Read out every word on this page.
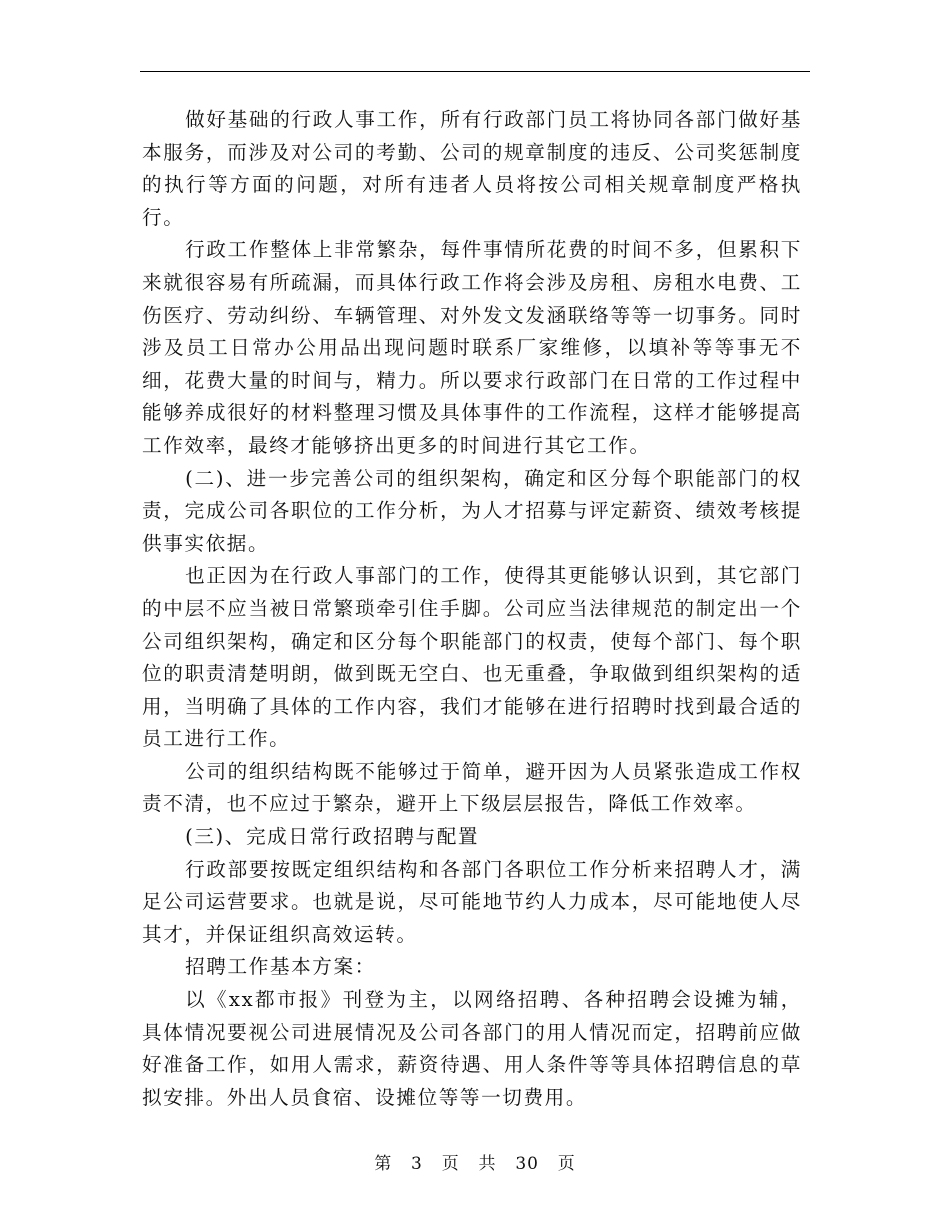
做好基础的行政人事工作，所有行政部门员工将协同各部门做好基本服务，而涉及对公司的考勤、公司的规章制度的违反、公司奖惩制度的执行等方面的问题，对所有违者人员将按公司相关规章制度严格执行。

行政工作整体上非常繁杂，每件事情所花费的时间不多，但累积下来就很容易有所疏漏，而具体行政工作将会涉及房租、房租水电费、工伤医疗、劳动纠纷、车辆管理、对外发文发涵联络等等一切事务。同时涉及员工日常办公用品出现问题时联系厂家维修，以填补等等事无不细，花费大量的时间与，精力。所以要求行政部门在日常的工作过程中能够养成很好的材料整理习惯及具体事件的工作流程，这样才能够提高工作效率，最终才能够挤出更多的时间进行其它工作。

(二)、进一步完善公司的组织架构，确定和区分每个职能部门的权责，完成公司各职位的工作分析，为人才招募与评定薪资、绩效考核提供事实依据。

也正因为在行政人事部门的工作，使得其更能够认识到，其它部门的中层不应当被日常繁琐牵引住手脚。公司应当法律规范的制定出一个公司组织架构，确定和区分每个职能部门的权责，使每个部门、每个职位的职责清楚明朗，做到既无空白、也无重叠，争取做到组织架构的适用，当明确了具体的工作内容，我们才能够在进行招聘时找到最合适的员工进行工作。

公司的组织结构既不能够过于简单，避开因为人员紧张造成工作权责不清，也不应过于繁杂，避开上下级层层报告，降低工作效率。

(三)、完成日常行政招聘与配置

行政部要按既定组织结构和各部门各职位工作分析来招聘人才，满足公司运营要求。也就是说，尽可能地节约人力成本，尽可能地使人尽其才，并保证组织高效运转。

招聘工作基本方案：

以《xx都市报》刊登为主，以网络招聘、各种招聘会设摊为辅，具体情况要视公司进展情况及公司各部门的用人情况而定，招聘前应做好准备工作，如用人需求，薪资待遇、用人条件等等具体招聘信息的草拟安排。外出人员食宿、设摊位等等一切费用。

第 3 页 共 30 页
